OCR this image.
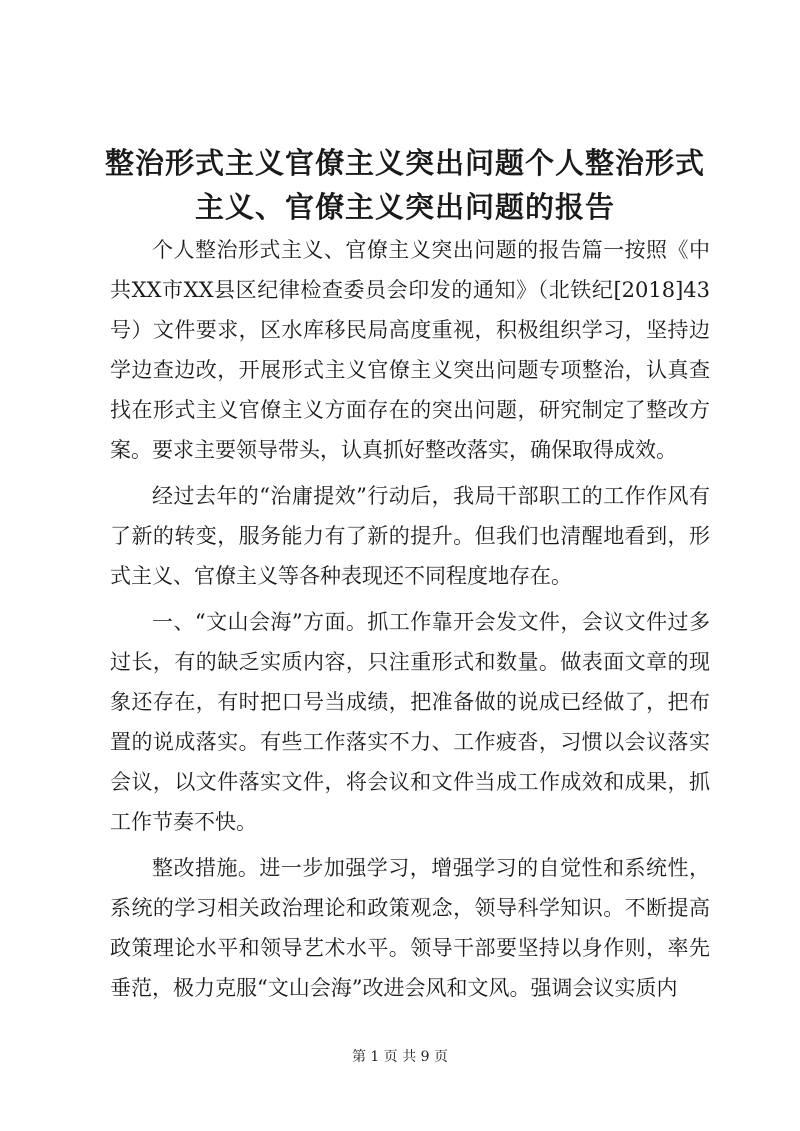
整治形式主义官僚主义突出问题个人整治形式主义、官僚主义突出问题的报告

个人整治形式主义、官僚主义突出问题的报告篇一按照《中共XX市XX县区纪律检查委员会印发的通知》（北铁纪[2018]43号）文件要求，区水库移民局高度重视，积极组织学习，坚持边学边查边改，开展形式主义官僚主义突出问题专项整治，认真查找在形式主义官僚主义方面存在的突出问题，研究制定了整改方案。要求主要领导带头，认真抓好整改落实，确保取得成效。

经过去年的“治庸提效”行动后，我局干部职工的工作作风有了新的转变，服务能力有了新的提升。但我们也清醒地看到，形式主义、官僚主义等各种表现还不同程度地存在。

一、“文山会海”方面。抓工作靠开会发文件，会议文件过多过长，有的缺乏实质内容，只注重形式和数量。做表面文章的现象还存在，有时把口号当成绩，把准备做的说成已经做了，把布置的说成落实。有些工作落实不力、工作疲沓，习惯以会议落实会议，以文件落实文件，将会议和文件当成工作成效和成果，抓工作节奏不快。

整改措施。进一步加强学习，增强学习的自觉性和系统性，系统的学习相关政治理论和政策观念，领导科学知识。不断提高政策理论水平和领导艺术水平。领导干部要坚持以身作则，率先垂范，极力克服“文山会海”改进会风和文风。强调会议实质内

第 1 页 共 9 页
